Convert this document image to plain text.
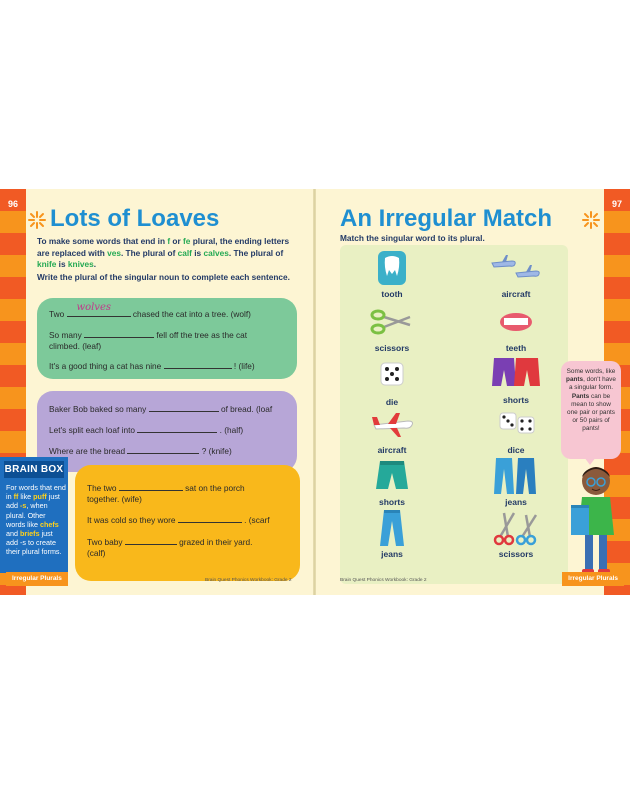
96
Lots of Loaves

To make some words that end in f or fe plural, the ending letters are replaced with ves. The plural of calf is calves. The plural of knife is knives.

Write the plural of the singular noun to complete each sentence.

Two
wolves
chased the cat into a tree. (wolf)
So many	fell off the tree as the cat
climbed. (leaf)
It's a good thing a cat has nine	! (life)
Baker Bob baked so many	of bread. (loaf
Let's split each loaf into	. (half)
Where are the bread	? (knife)
The two	sat on the porch
together. (wife)
It was cold so they wore	. (scarf
Two baby	grazed in their yard.
(calf)
BRAIN BOX
For words that end in ff like puff just add -s, when plural. Other words like chefs and briefs just add -s to create their plural forms.
Irregular Plurals	Brain Quest Phonics Workbook: Grade 2
97
An Irregular Match

Match the singular word to its plural.

tooth
scissors
die
aircraft
shorts
jeans
aircraft
teeth
shorts
dice
jeans
scissors
Some words, like pants, don't have a singular form. Pants can be mean to show one pair or pants or 50 pairs of pants!
Irregular Plurals
Brain Quest Phonics Workbook: Grade 2
